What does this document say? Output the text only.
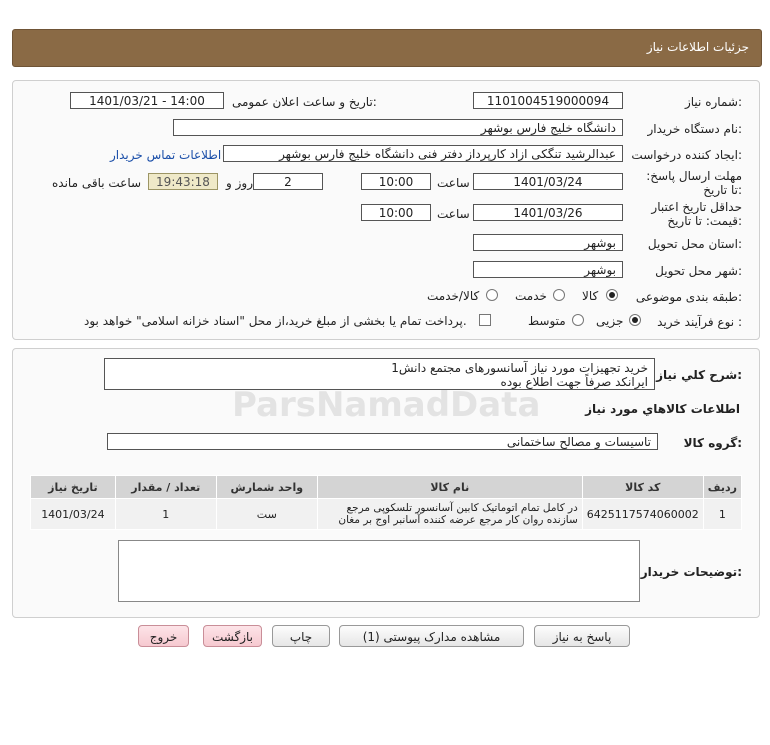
جزئیات اطلاعات نیاز
شماره نیاز:
1101004519000094
تاریخ و ساعت اعلان عمومی:
1401/03/21 - 14:00
نام دستگاه خریدار:
دانشگاه خلیج فارس بوشهر
ایجاد کننده درخواست:
عبدالرشید تنگکی ازاد کارپرداز دفتر فنی دانشگاه خلیج فارس بوشهر
اطلاعات تماس خریدار
مهلت ارسال پاسخ: تا تاریخ:
1401/03/24
ساعت
10:00
2
روز و
19:43:18
ساعت باقی مانده
حداقل تاریخ اعتبار قیمت: تا تاریخ:
1401/03/26
ساعت
10:00
استان محل تحویل:
بوشهر
شهر محل تحویل:
بوشهر
طبقه بندی موضوعی:
کالا
خدمت
کالا/خدمت
نوع فرآیند خرید :
جزیی
متوسط
پرداخت تمام یا بخشی از مبلغ خرید،از محل "اسناد خزانه اسلامی" خواهد بود.
شرح كلي نياز:
خرید تجهیزات مورد نیاز آسانسورهای مجتمع دانش1
ایرانکد صرفاً جهت اطلاع بوده
اطلاعات كالاهاي مورد نياز
گروه كالا:
تاسیسات و مصالح ساختمانی
ردیف	کد کالا	نام کالا	واحد شمارش	تعداد / مقدار	تاریخ نیاز
1	6425117574060002	در کامل تمام اتوماتیک کابین آسانسور تلسکوپی مرجع سازنده روان کار مرجع عرضه کننده آسانبر اوج بر مغان	ست	1	1401/03/24
توضیحات خریدار:
ParsNamadData
پاسخ به نیاز
مشاهده مدارک پیوستی (1)
چاپ
بازگشت
خروج
